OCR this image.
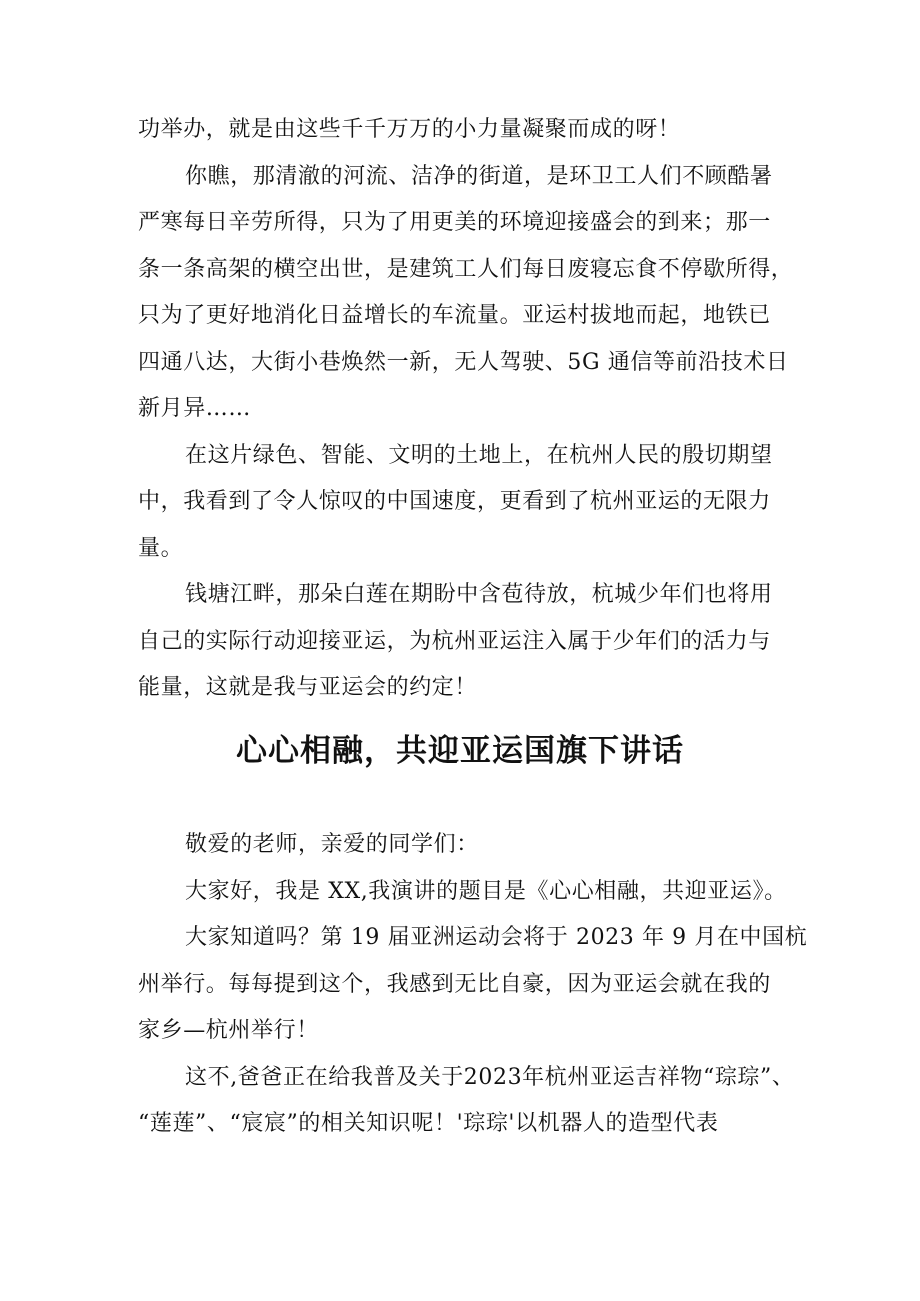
功举办，就是由这些千千万万的小力量凝聚而成的呀！
你瞧，那清澈的河流、洁净的街道，是环卫工人们不顾酷暑
严寒每日辛劳所得，只为了用更美的环境迎接盛会的到来；那一
条一条高架的横空出世，是建筑工人们每日废寝忘食不停歇所得，
只为了更好地消化日益增长的车流量。亚运村拔地而起，地铁已
四通八达，大街小巷焕然一新，无人驾驶、5G 通信等前沿技术日
新月异……
在这片绿色、智能、文明的土地上，在杭州人民的殷切期望
中，我看到了令人惊叹的中国速度，更看到了杭州亚运的无限力
量。
钱塘江畔，那朵白莲在期盼中含苞待放，杭城少年们也将用
自己的实际行动迎接亚运，为杭州亚运注入属于少年们的活力与
能量，这就是我与亚运会的约定！
心心相融，共迎亚运国旗下讲话
敬爱的老师，亲爱的同学们：
大家好，我是 XX,我演讲的题目是《心心相融，共迎亚运》。
大家知道吗？第 19 届亚洲运动会将于 2023 年 9 月在中国杭
州举行。每每提到这个，我感到无比自豪，因为亚运会就在我的
家乡—杭州举行！
这不,爸爸正在给我普及关于2023年杭州亚运吉祥物“琮琮”、
“莲莲”、“宸宸”的相关知识呢！'琮琮'以机器人的造型代表
